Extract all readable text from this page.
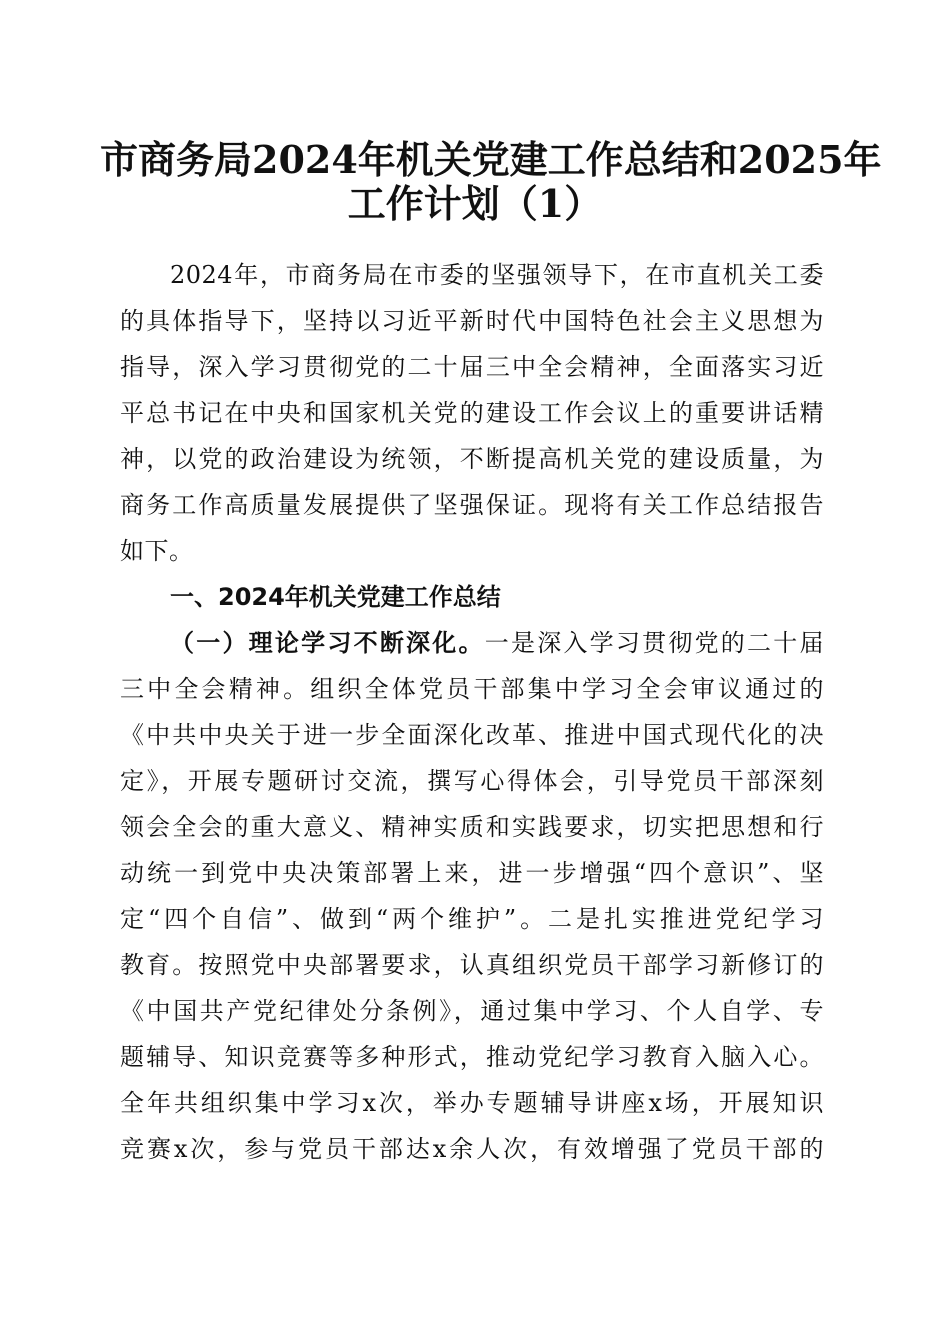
市商务局2024年机关党建工作总结和2025年
工作计划（1）
2024年，市商务局在市委的坚强领导下，在市直机关工委
的具体指导下，坚持以习近平新时代中国特色社会主义思想为
指导，深入学习贯彻党的二十届三中全会精神，全面落实习近
平总书记在中央和国家机关党的建设工作会议上的重要讲话精
神，以党的政治建设为统领，不断提高机关党的建设质量，为
商务工作高质量发展提供了坚强保证。现将有关工作总结报告
如下。
一、2024年机关党建工作总结
（一）理论学习不断深化。一是深入学习贯彻党的二十届
三中全会精神。组织全体党员干部集中学习全会审议通过的
《中共中央关于进一步全面深化改革、推进中国式现代化的决
定》，开展专题研讨交流，撰写心得体会，引导党员干部深刻
领会全会的重大意义、精神实质和实践要求，切实把思想和行
动统一到党中央决策部署上来，进一步增强“四个意识”、坚
定“四个自信”、做到“两个维护”。二是扎实推进党纪学习
教育。按照党中央部署要求，认真组织党员干部学习新修订的
《中国共产党纪律处分条例》，通过集中学习、个人自学、专
题辅导、知识竞赛等多种形式，推动党纪学习教育入脑入心。
全年共组织集中学习x次，举办专题辅导讲座x场，开展知识
竞赛x次，参与党员干部达x余人次，有效增强了党员干部的
